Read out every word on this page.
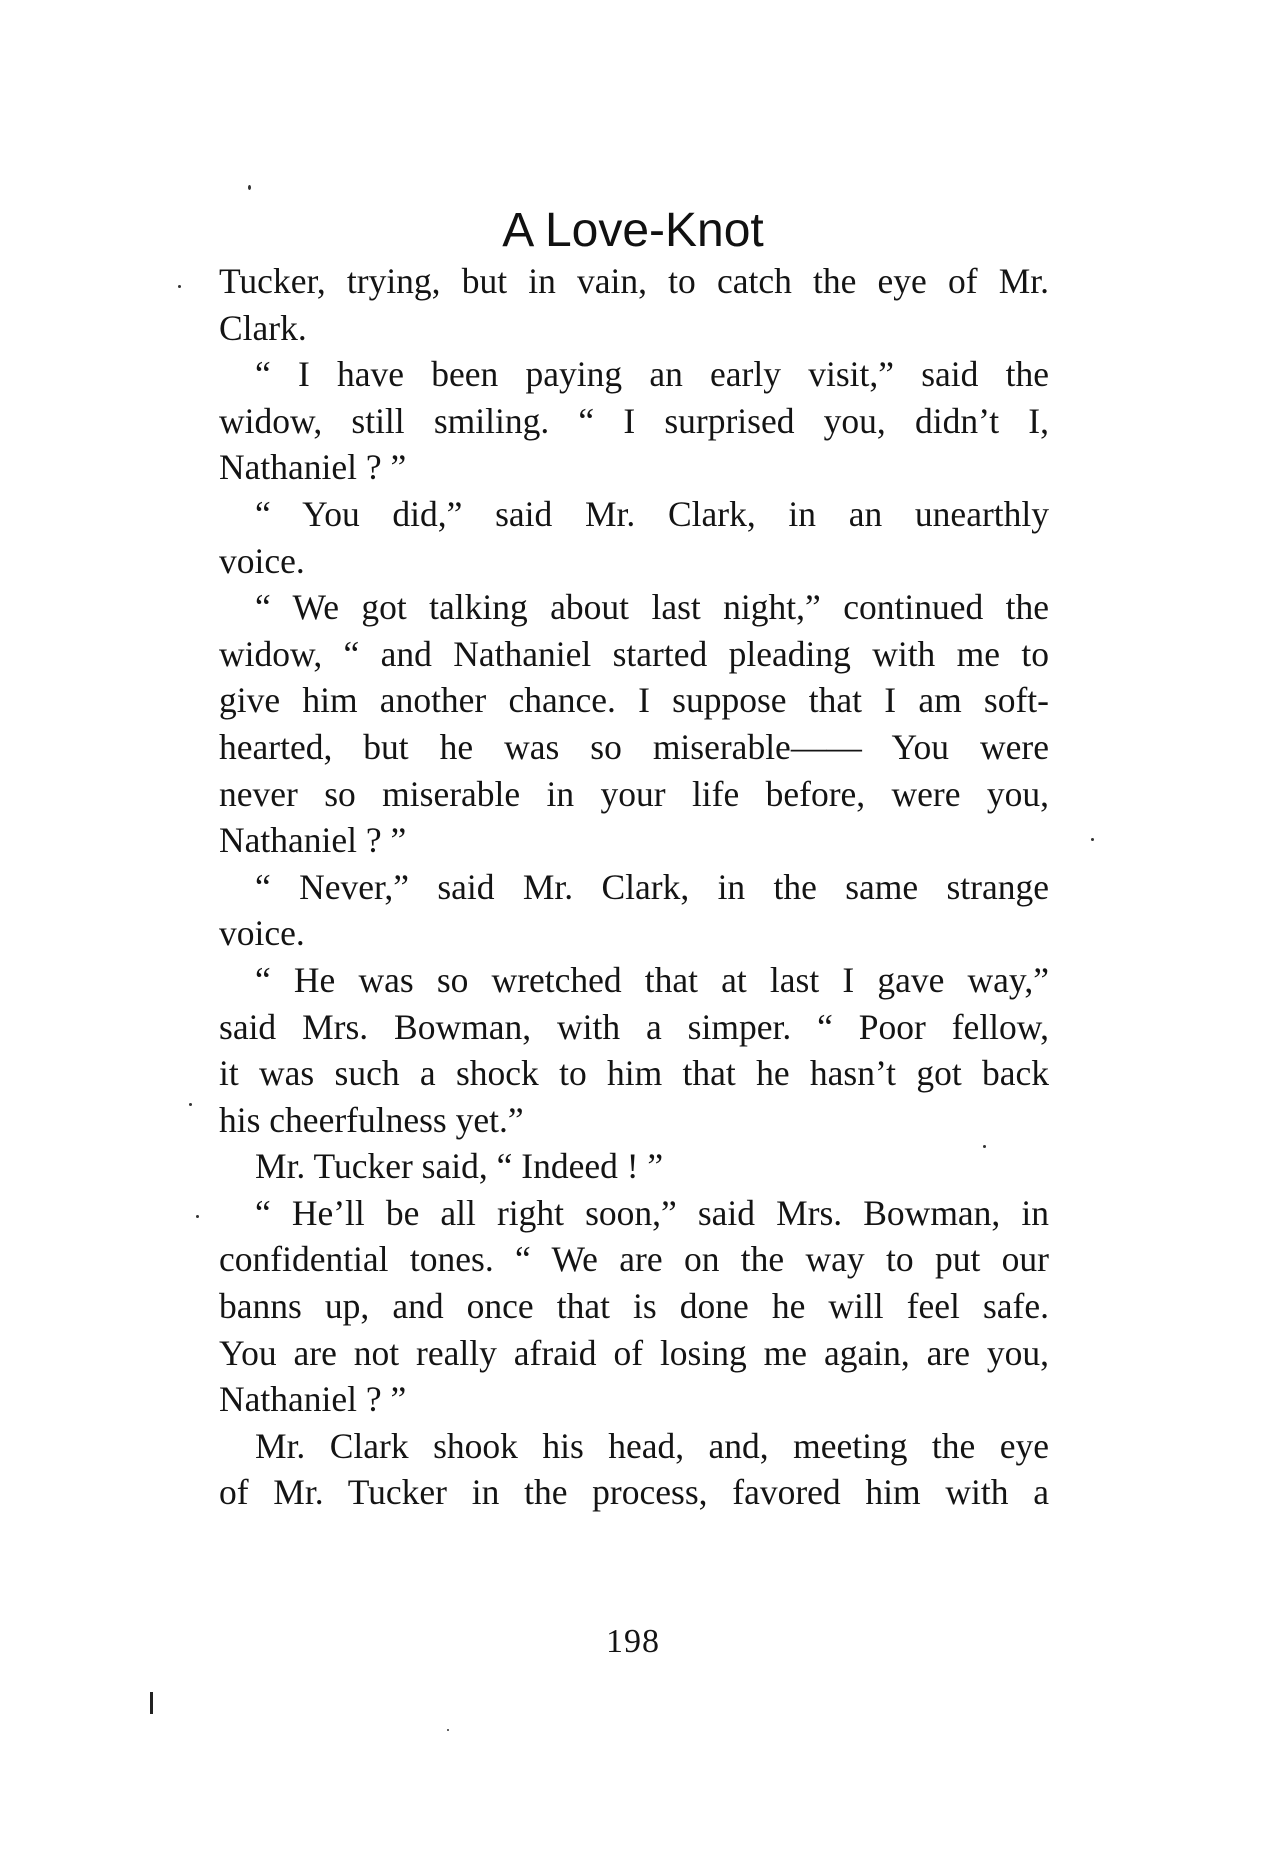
A Love-Knot
Tucker, trying, but in vain, to catch the eye of Mr.
Clark.
“ I have been paying an early visit,” said the
widow, still smiling. “ I surprised you, didn’t I,
Nathaniel ? ”
“ You did,” said Mr. Clark, in an unearthly
voice.
“ We got talking about last night,” continued the
widow, “ and Nathaniel started pleading with me to
give him another chance. I suppose that I am soft-
hearted, but he was so miserable—— You were
never so miserable in your life before, were you,
Nathaniel ? ”
“ Never,” said Mr. Clark, in the same strange
voice.
“ He was so wretched that at last I gave way,”
said Mrs. Bowman, with a simper. “ Poor fellow,
it was such a shock to him that he hasn’t got back
his cheerfulness yet.”
Mr. Tucker said, “ Indeed ! ”
“ He’ll be all right soon,” said Mrs. Bowman, in
confidential tones. “ We are on the way to put our
banns up, and once that is done he will feel safe.
You are not really afraid of losing me again, are you,
Nathaniel ? ”
Mr. Clark shook his head, and, meeting the eye
of Mr. Tucker in the process, favored him with a
198
